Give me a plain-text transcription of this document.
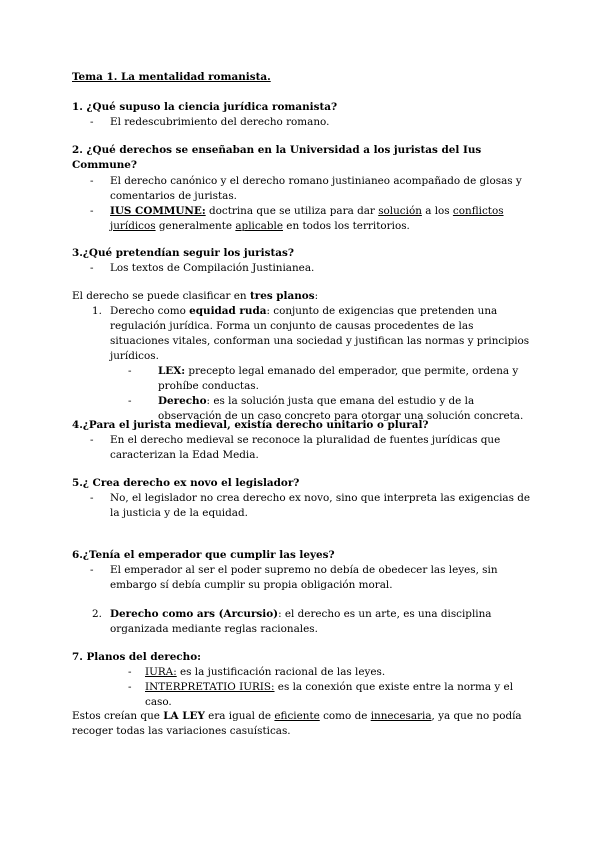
Tema 1. La mentalidad romanista.
1. ¿Qué supuso la ciencia jurídica romanista?
- El redescubrimiento del derecho romano.
2. ¿Qué derechos se enseñaban en la Universidad a los juristas del Ius Commune?
- El derecho canónico y el derecho romano justinianeo acompañado de glosas y comentarios de juristas.
- IUS COMMUNE: doctrina que se utiliza para dar solución a los conflictos jurídicos generalmente aplicable en todos los territorios.
3.¿Qué pretendían seguir los juristas?
- Los textos de Compilación Justinianea.
El derecho se puede clasificar en tres planos:
1. Derecho como equidad ruda: conjunto de exigencias que pretenden una regulación jurídica. Forma un conjunto de causas procedentes de las situaciones vitales, conforman una sociedad y justifican las normas y principios jurídicos.
- LEX: precepto legal emanado del emperador, que permite, ordena y prohíbe conductas.
- Derecho: es la solución justa que emana del estudio y de la observación de un caso concreto para otorgar una solución concreta.
4.¿Para el jurista medieval, existía derecho unitario o plural?
- En el derecho medieval se reconoce la pluralidad de fuentes jurídicas que caracterizan la Edad Media.
5.¿ Crea derecho ex novo el legislador?
- No, el legislador no crea derecho ex novo, sino que interpreta las exigencias de la justicia y de la equidad.
6.¿Tenía el emperador que cumplir las leyes?
- El emperador al ser el poder supremo no debía de obedecer las leyes, sin embargo sí debía cumplir su propia obligación moral.
2. Derecho como ars (Arcursio): el derecho es un arte, es una disciplina organizada mediante reglas racionales.
7. Planos del derecho:
- IURA: es la justificación racional de las leyes.
- INTERPRETATIO IURIS: es la conexión que existe entre la norma y el caso.
Estos creían que LA LEY era igual de eficiente como de innecesaria, ya que no podía recoger todas las variaciones casuísticas.
